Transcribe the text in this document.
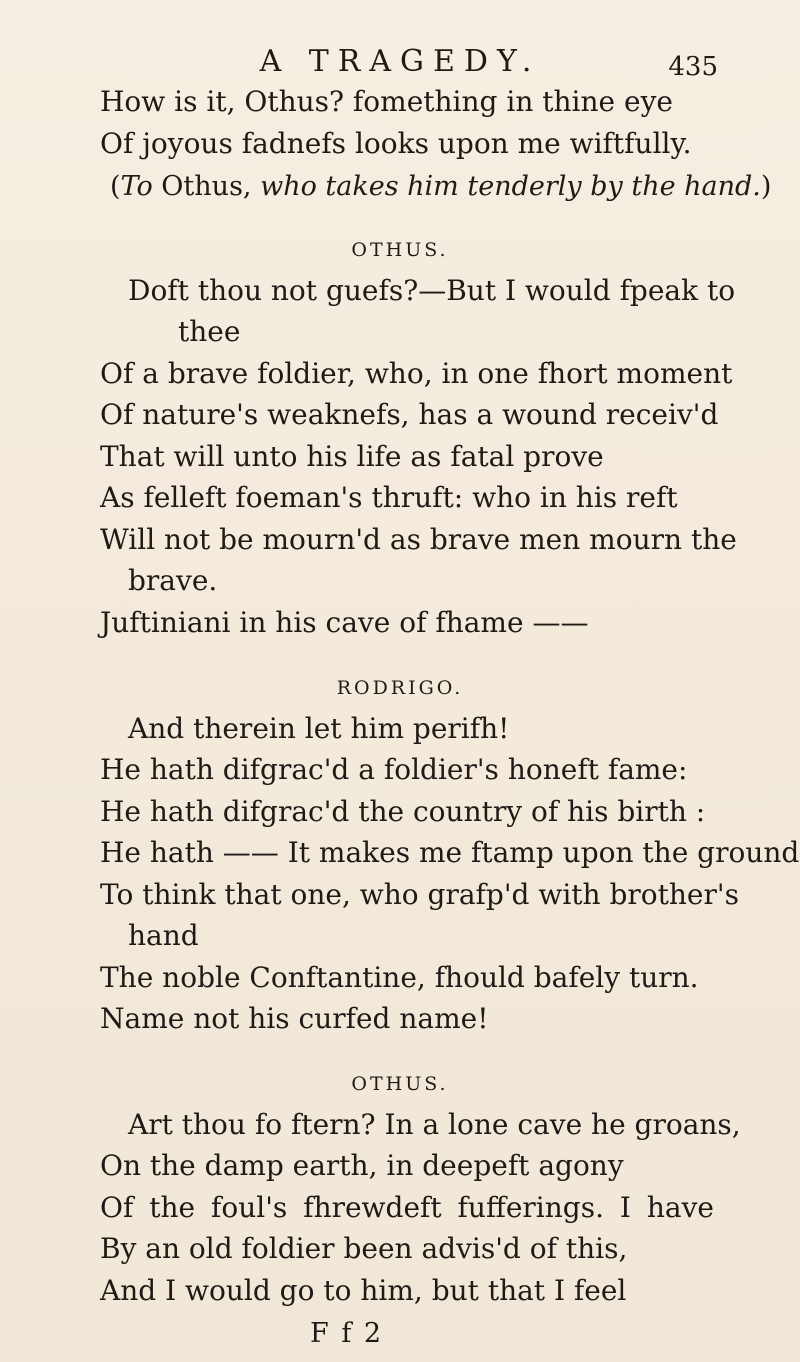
A TRAGEDY.	435
How is it, Othus? fomething in thine eye
Of joyous fadnefs looks upon me wiftfully.
(To Othus, who takes him tenderly by the hand.)
OTHUS.
Doft thou not guefs?—But I would fpeak to
thee
Of a brave foldier, who, in one fhort moment
Of nature's weaknefs, has a wound receiv'd
That will unto his life as fatal prove
As felleft foeman's thruft: who in his reft
Will not be mourn'd as brave men mourn the
brave.
Juftiniani in his cave of fhame ——
RODRIGO.
And therein let him perifh!
He hath difgrac'd a foldier's honeft fame:
He hath difgrac'd the country of his birth :
He hath —— It makes me ftamp upon the ground
To think that one, who grafp'd with brother's
hand
The noble Conftantine, fhould bafely turn.
Name not his curfed name!
OTHUS.
Art thou fo ftern? In a lone cave he groans,
On the damp earth, in deepeft agony
Of the foul's fhrewdeft fufferings. I have
By an old foldier been advis'd of this,
And I would go to him, but that I feel
F f 2
